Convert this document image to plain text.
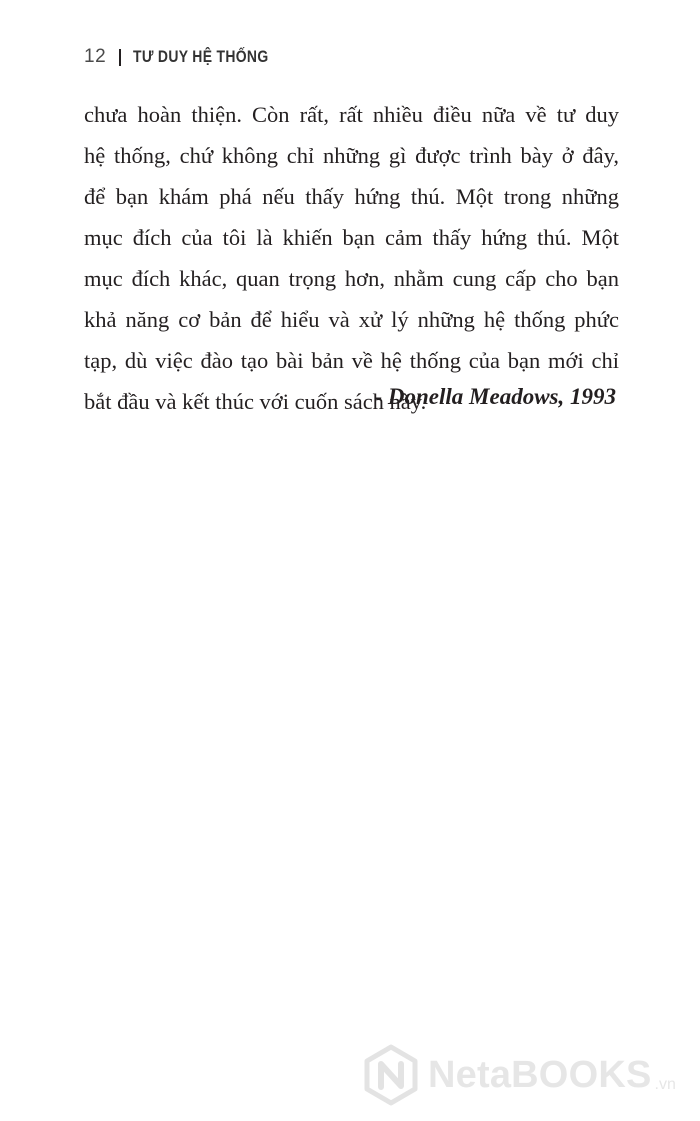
12 TƯ DUY HỆ THỐNG
chưa hoàn thiện. Còn rất, rất nhiều điều nữa về tư duy
hệ thống, chứ không chỉ những gì được trình bày ở đây,
để bạn khám phá nếu thấy hứng thú. Một trong những
mục đích của tôi là khiến bạn cảm thấy hứng thú. Một
mục đích khác, quan trọng hơn, nhằm cung cấp cho bạn
khả năng cơ bản để hiểu và xử lý những hệ thống phức
tạp, dù việc đào tạo bài bản về hệ thống của bạn mới chỉ
bắt đầu và kết thúc với cuốn sách này.
- Donella Meadows, 1993
NetaBOOKS .vn
